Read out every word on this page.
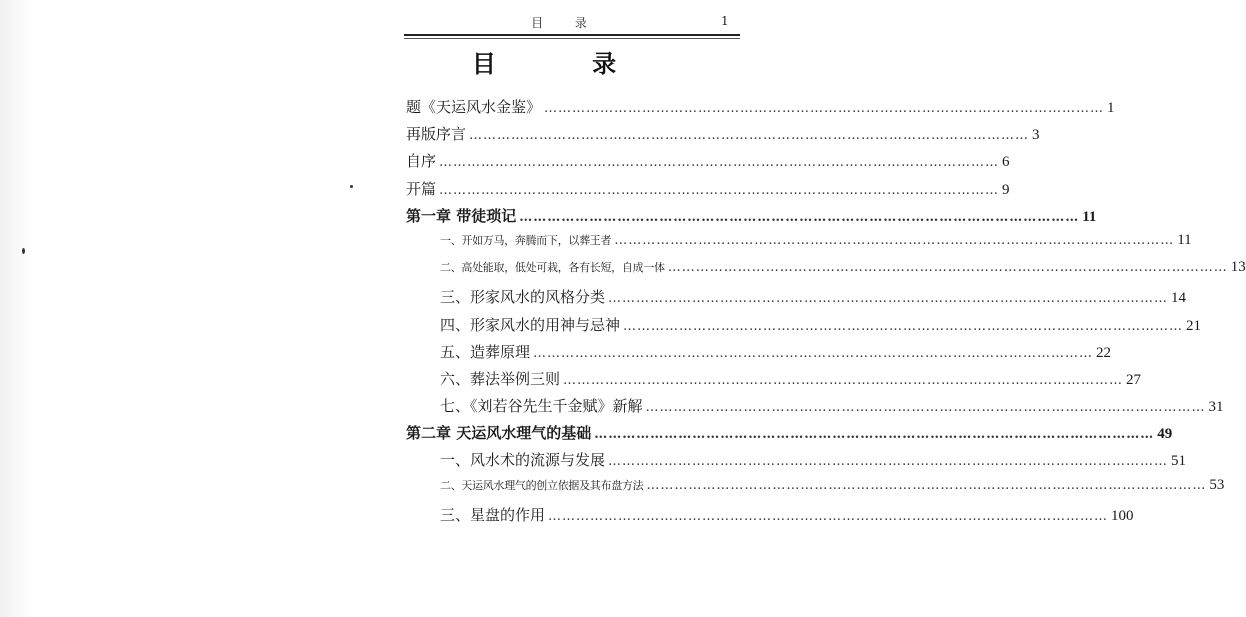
目 录	1
目 录
题《天运风水金鉴》 ………………………………………………………………………………………………………… 1
再版序言 ………………………………………………………………………………………………………… 3
自序 ………………………………………………………………………………………………………… 6
开篇 ………………………………………………………………………………………………………… 9
第一章 带徒琐记 ………………………………………………………………………………………………………… 11
一、开如万马，奔腾而下，以葬王者 ………………………………………………………………………………………………………… 11
二、高处能取，低处可栽，各有长短，自成一体 ………………………………………………………………………………………………………… 13
三、形家风水的风格分类 ………………………………………………………………………………………………………… 14
四、形家风水的用神与忌神 ………………………………………………………………………………………………………… 21
五、造葬原理 ………………………………………………………………………………………………………… 22
六、葬法举例三则 ………………………………………………………………………………………………………… 27
七、《刘若谷先生千金赋》新解 ………………………………………………………………………………………………………… 31
第二章 天运风水理气的基础 ………………………………………………………………………………………………………… 49
一、风水术的流源与发展 ………………………………………………………………………………………………………… 51
二、天运风水理气的创立依据及其布盘方法 ………………………………………………………………………………………………………… 53
三、星盘的作用 ………………………………………………………………………………………………………… 100
